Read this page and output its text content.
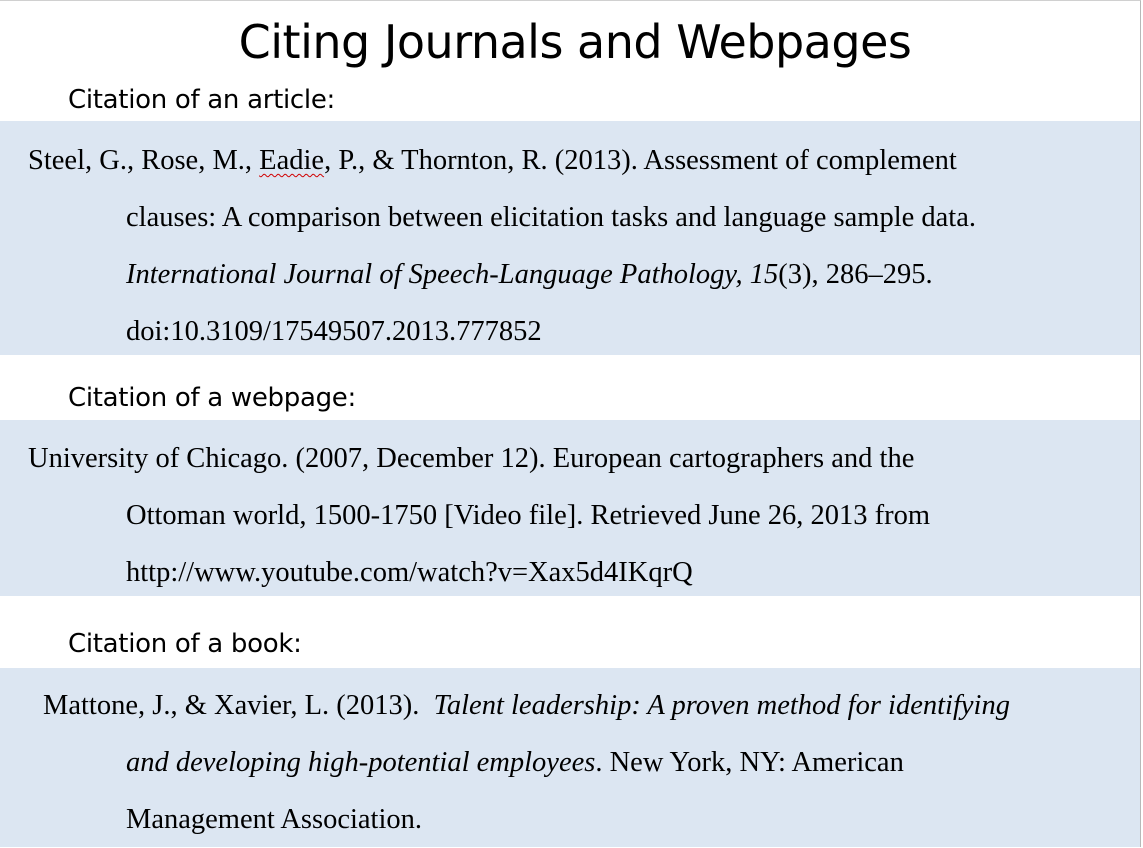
Citing Journals and Webpages
Citation of an article:

Steel, G., Rose, M., Eadie, P., & Thornton, R. (2013). Assessment of complement
clauses: A comparison between elicitation tasks and language sample data.
International Journal of Speech-Language Pathology, 15(3), 286–295.
doi:10.3109/17549507.2013.777852

Citation of a webpage:

University of Chicago. (2007, December 12). European cartographers and the
Ottoman world, 1500-1750 [Video file]. Retrieved June 26, 2013 from
http://www.youtube.com/watch?v=Xax5d4IKqrQ

Citation of a book:

Mattone, J., & Xavier, L. (2013).  Talent leadership: A proven method for identifying
and developing high-potential employees. New York, NY: American
Management Association.
